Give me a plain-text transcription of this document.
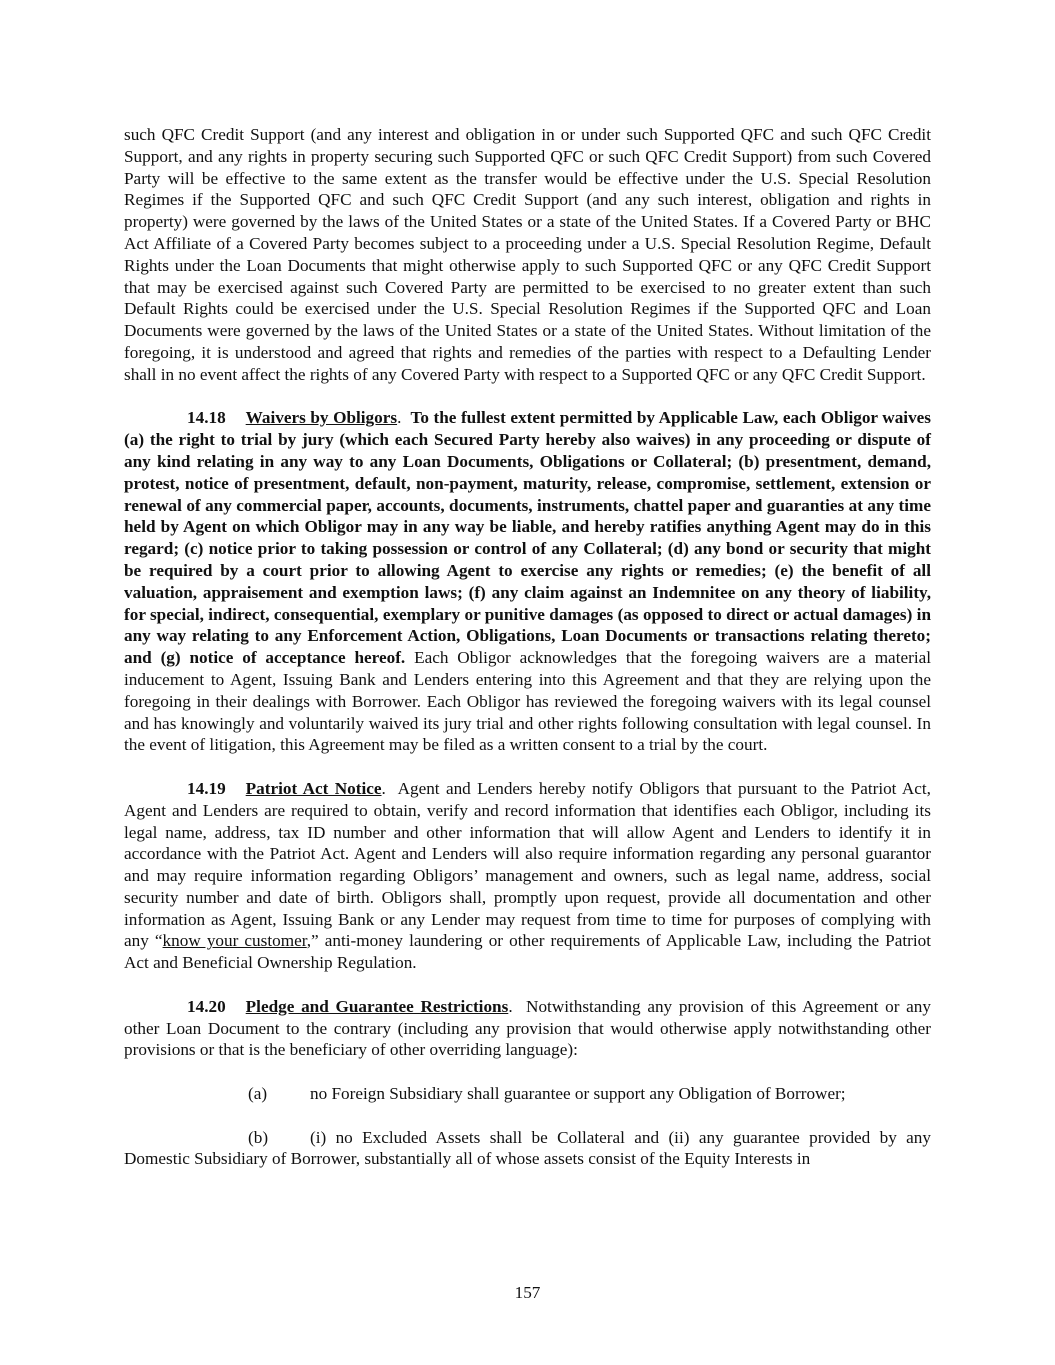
such QFC Credit Support (and any interest and obligation in or under such Supported QFC and such QFC Credit Support, and any rights in property securing such Supported QFC or such QFC Credit Support) from such Covered Party will be effective to the same extent as the transfer would be effective under the U.S. Special Resolution Regimes if the Supported QFC and such QFC Credit Support (and any such interest, obligation and rights in property) were governed by the laws of the United States or a state of the United States. If a Covered Party or BHC Act Affiliate of a Covered Party becomes subject to a proceeding under a U.S. Special Resolution Regime, Default Rights under the Loan Documents that might otherwise apply to such Supported QFC or any QFC Credit Support that may be exercised against such Covered Party are permitted to be exercised to no greater extent than such Default Rights could be exercised under the U.S. Special Resolution Regimes if the Supported QFC and Loan Documents were governed by the laws of the United States or a state of the United States. Without limitation of the foregoing, it is understood and agreed that rights and remedies of the parties with respect to a Defaulting Lender shall in no event affect the rights of any Covered Party with respect to a Supported QFC or any QFC Credit Support.

14.18 Waivers by Obligors. To the fullest extent permitted by Applicable Law, each Obligor waives (a) the right to trial by jury (which each Secured Party hereby also waives) in any proceeding or dispute of any kind relating in any way to any Loan Documents, Obligations or Collateral; (b) presentment, demand, protest, notice of presentment, default, non-payment, maturity, release, compromise, settlement, extension or renewal of any commercial paper, accounts, documents, instruments, chattel paper and guaranties at any time held by Agent on which Obligor may in any way be liable, and hereby ratifies anything Agent may do in this regard; (c) notice prior to taking possession or control of any Collateral; (d) any bond or security that might be required by a court prior to allowing Agent to exercise any rights or remedies; (e) the benefit of all valuation, appraisement and exemption laws; (f) any claim against an Indemnitee on any theory of liability, for special, indirect, consequential, exemplary or punitive damages (as opposed to direct or actual damages) in any way relating to any Enforcement Action, Obligations, Loan Documents or transactions relating thereto; and (g) notice of acceptance hereof. Each Obligor acknowledges that the foregoing waivers are a material inducement to Agent, Issuing Bank and Lenders entering into this Agreement and that they are relying upon the foregoing in their dealings with Borrower. Each Obligor has reviewed the foregoing waivers with its legal counsel and has knowingly and voluntarily waived its jury trial and other rights following consultation with legal counsel. In the event of litigation, this Agreement may be filed as a written consent to a trial by the court.

14.19 Patriot Act Notice. Agent and Lenders hereby notify Obligors that pursuant to the Patriot Act, Agent and Lenders are required to obtain, verify and record information that identifies each Obligor, including its legal name, address, tax ID number and other information that will allow Agent and Lenders to identify it in accordance with the Patriot Act. Agent and Lenders will also require information regarding any personal guarantor and may require information regarding Obligors’ management and owners, such as legal name, address, social security number and date of birth. Obligors shall, promptly upon request, provide all documentation and other information as Agent, Issuing Bank or any Lender may request from time to time for purposes of complying with any “know your customer,” anti-money laundering or other requirements of Applicable Law, including the Patriot Act and Beneficial Ownership Regulation.

14.20 Pledge and Guarantee Restrictions. Notwithstanding any provision of this Agreement or any other Loan Document to the contrary (including any provision that would otherwise apply notwithstanding other provisions or that is the beneficiary of other overriding language):

(a) no Foreign Subsidiary shall guarantee or support any Obligation of Borrower;

(b) (i) no Excluded Assets shall be Collateral and (ii) any guarantee provided by any Domestic Subsidiary of Borrower, substantially all of whose assets consist of the Equity Interests in

157
